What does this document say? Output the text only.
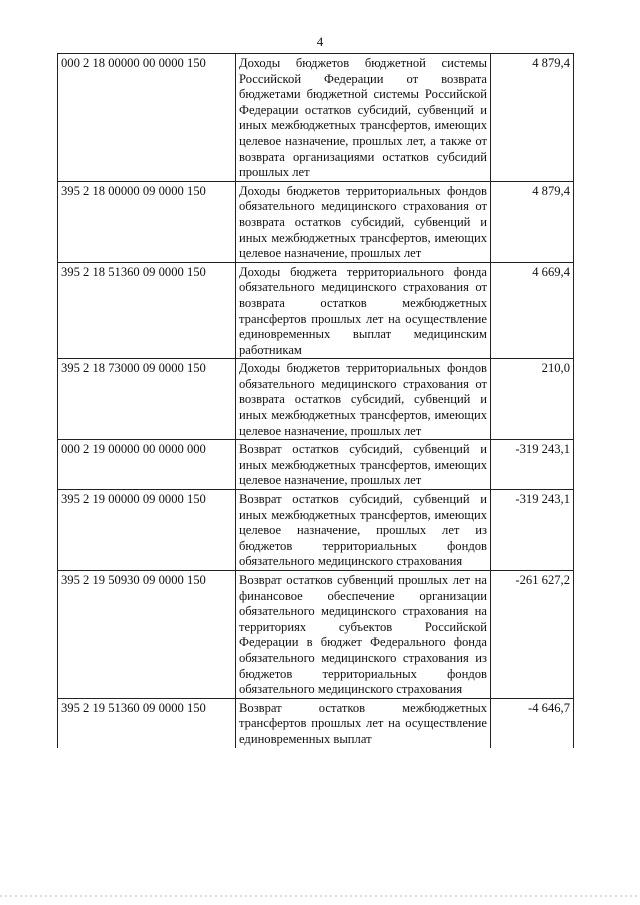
4
000 2 18 00000 00 0000 150	Доходы бюджетов бюджетной системы Российской Федерации от возврата бюджетами бюджетной системы Российской Федерации остатков субсидий, субвенций и иных межбюджетных трансфертов, имеющих целевое назначение, прошлых лет, а также от возврата организациями остатков субсидий прошлых лет	4 879,4
395 2 18 00000 09 0000 150	Доходы бюджетов территориальных фондов обязательного медицинского страхования от возврата остатков субсидий, субвенций и иных межбюджетных трансфертов, имеющих целевое назначение, прошлых лет	4 879,4
395 2 18 51360 09 0000 150	Доходы бюджета территориального фонда обязательного медицинского страхования от возврата остатков межбюджетных трансфертов прошлых лет на осуществление единовременных выплат медицинским работникам	4 669,4
395 2 18 73000 09 0000 150	Доходы бюджетов территориальных фондов обязательного медицинского страхования от возврата остатков субсидий, субвенций и иных межбюджетных трансфертов, имеющих целевое назначение, прошлых лет	210,0
000 2 19 00000 00 0000 000	Возврат остатков субсидий, субвенций и иных межбюджетных трансфертов, имеющих целевое назначение, прошлых лет	-319 243,1
395 2 19 00000 09 0000 150	Возврат остатков субсидий, субвенций и иных межбюджетных трансфертов, имеющих целевое назначение, прошлых лет из бюджетов территориальных фондов обязательного медицинского страхования	-319 243,1
395 2 19 50930 09 0000 150	Возврат остатков субвенций прошлых лет на финансовое обеспечение организации обязательного медицинского страхования на территориях субъектов Российской Федерации в бюджет Федерального фонда обязательного медицинского страхования из бюджетов территориальных фондов обязательного медицинского страхования	-261 627,2
395 2 19 51360 09 0000 150	Возврат остатков межбюджетных трансфертов прошлых лет на осуществление единовременных выплат	-4 646,7
